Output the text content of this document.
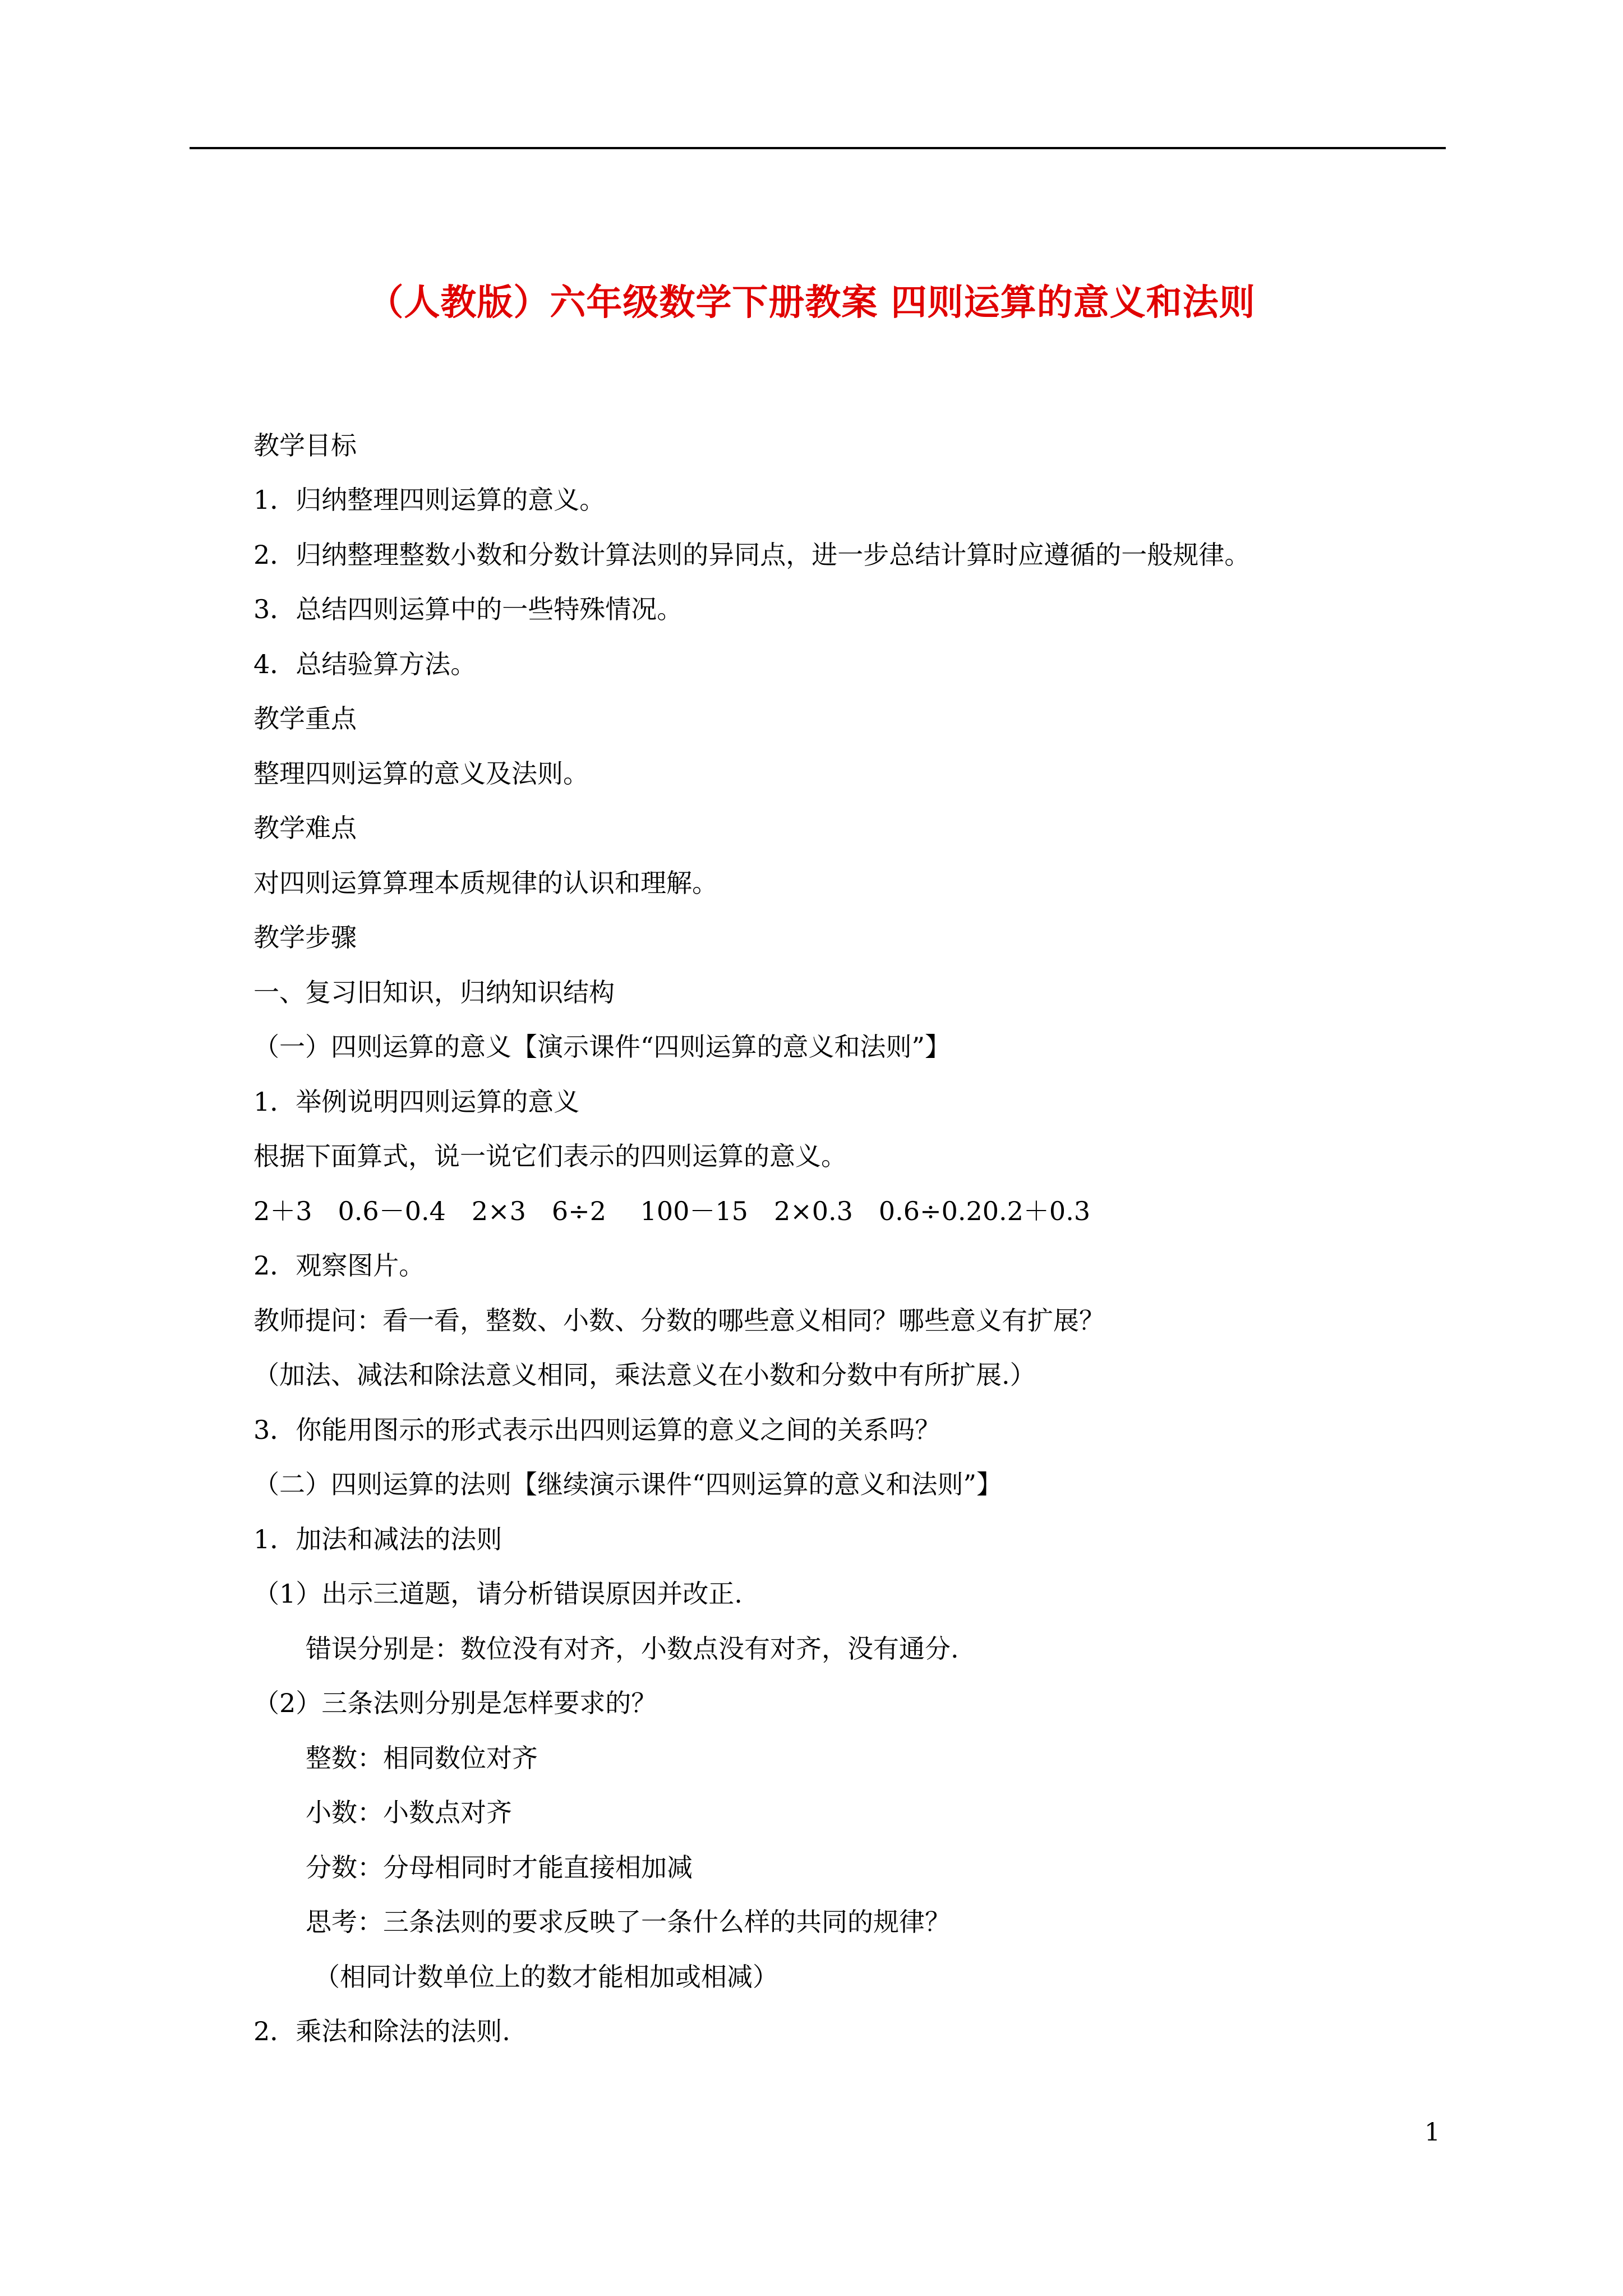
（人教版）六年级数学下册教案 四则运算的意义和法则
教学目标
1．归纳整理四则运算的意义。
2．归纳整理整数小数和分数计算法则的异同点，进一步总结计算时应遵循的一般规律。
3．总结四则运算中的一些特殊情况。
4．总结验算方法。
教学重点
整理四则运算的意义及法则。
教学难点
对四则运算算理本质规律的认识和理解。
教学步骤
一、复习旧知识，归纳知识结构
（一）四则运算的意义【演示课件“四则运算的意义和法则”】
1．举例说明四则运算的意义
根据下面算式，说一说它们表示的四则运算的意义。
2＋3　0.6－0.4　2×3　6÷2　 100－15　2×0.3　0.6÷0.20.2＋0.3
2．观察图片。
教师提问：看一看，整数、小数、分数的哪些意义相同？哪些意义有扩展？
（加法、减法和除法意义相同，乘法意义在小数和分数中有所扩展.）
3．你能用图示的形式表示出四则运算的意义之间的关系吗？
（二）四则运算的法则【继续演示课件“四则运算的意义和法则”】
1．加法和减法的法则
（1）出示三道题，请分析错误原因并改正.
错误分别是：数位没有对齐，小数点没有对齐，没有通分.
（2）三条法则分别是怎样要求的？
整数：相同数位对齐
小数：小数点对齐
分数：分母相同时才能直接相加减
思考：三条法则的要求反映了一条什么样的共同的规律？
（相同计数单位上的数才能相加或相减）
2．乘法和除法的法则.
1
